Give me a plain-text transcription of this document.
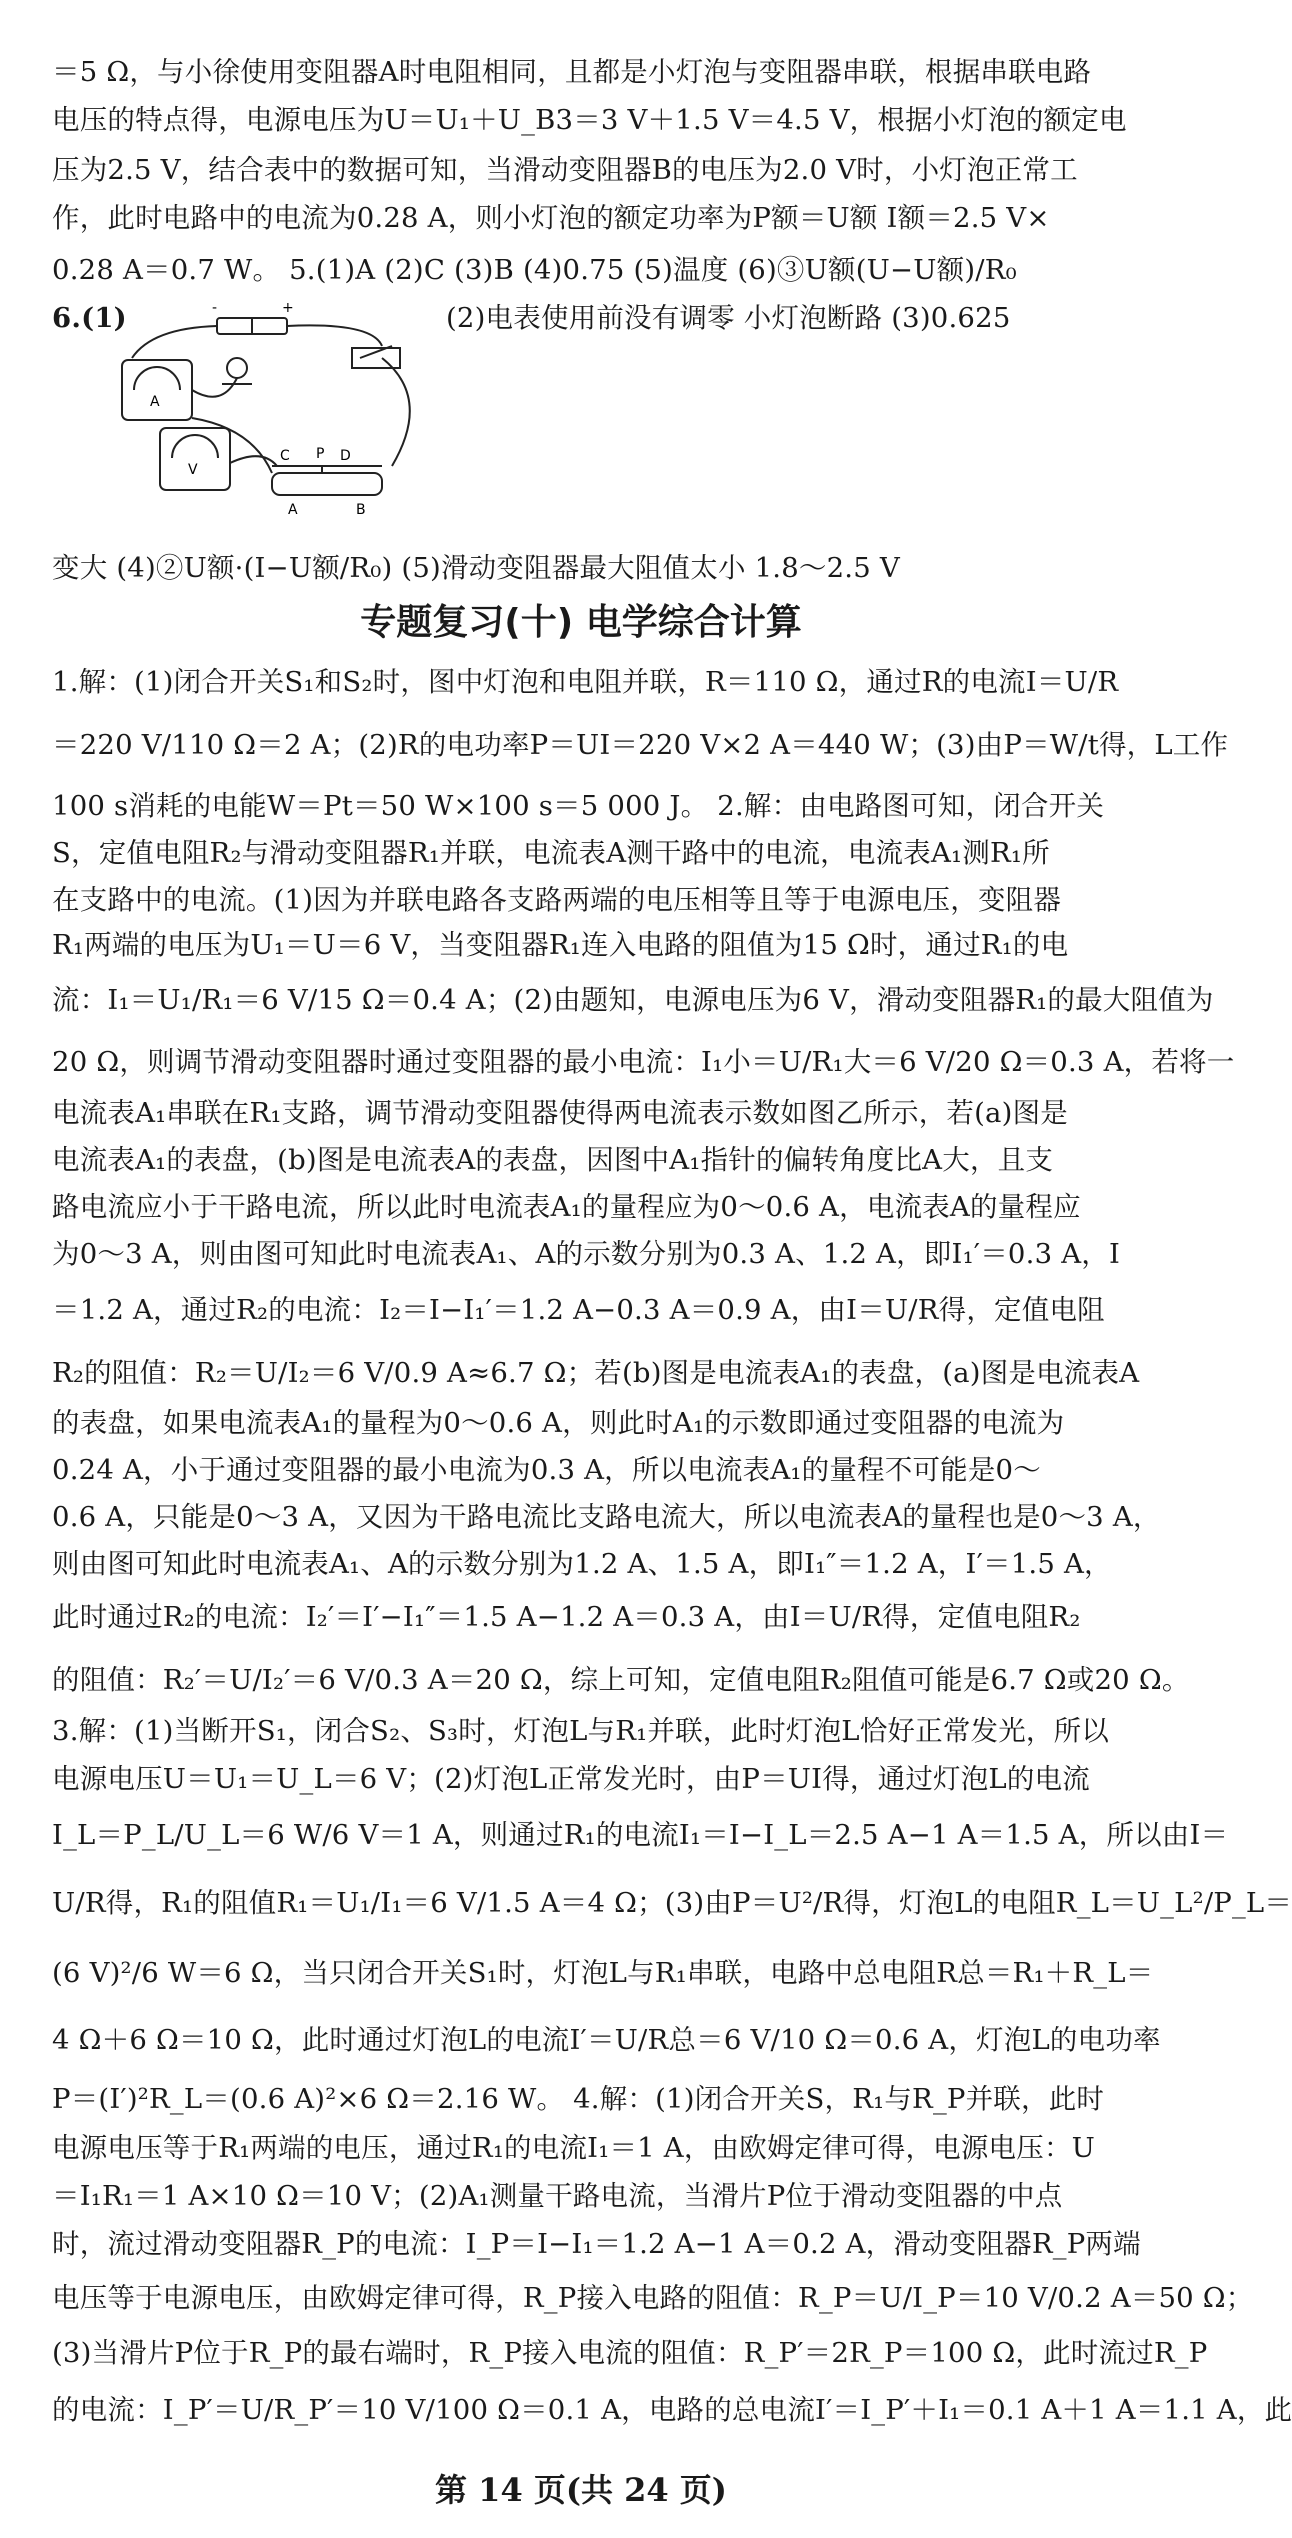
＝5 Ω，与小徐使用变阻器A时电阻相同，且都是小灯泡与变阻器串联，根据串联电路
电压的特点得，电源电压为U＝U₁＋U_B3＝3 V＋1.5 V＝4.5 V，根据小灯泡的额定电
压为2.5 V，结合表中的数据可知，当滑动变阻器B的电压为2.0 V时，小灯泡正常工
作，此时电路中的电流为0.28 A，则小灯泡的额定功率为P额＝U额 I额＝2.5 V×
0.28 A＝0.7 W。 5.(1)A (2)C (3)B (4)0.75 (5)温度 (6)③U额(U−U额)/R₀
6.(1)	-	+
A
V
C P D
A	B
(2)电表使用前没有调零 小灯泡断路 (3)0.625
变大 (4)②U额·(I−U额/R₀) (5)滑动变阻器最大阻值太小 1.8～2.5 V
专题复习(十) 电学综合计算
1.解：(1)闭合开关S₁和S₂时，图中灯泡和电阻并联，R＝110 Ω，通过R的电流I＝U/R
＝220 V/110 Ω＝2 A；(2)R的电功率P＝UI＝220 V×2 A＝440 W；(3)由P＝W/t得，L工作
100 s消耗的电能W＝Pt＝50 W×100 s＝5 000 J。 2.解：由电路图可知，闭合开关
S，定值电阻R₂与滑动变阻器R₁并联，电流表A测干路中的电流，电流表A₁测R₁所
在支路中的电流。(1)因为并联电路各支路两端的电压相等且等于电源电压，变阻器
R₁两端的电压为U₁＝U＝6 V，当变阻器R₁连入电路的阻值为15 Ω时，通过R₁的电
流：I₁＝U₁/R₁＝6 V/15 Ω＝0.4 A；(2)由题知，电源电压为6 V，滑动变阻器R₁的最大阻值为
20 Ω，则调节滑动变阻器时通过变阻器的最小电流：I₁小＝U/R₁大＝6 V/20 Ω＝0.3 A，若将一
电流表A₁串联在R₁支路，调节滑动变阻器使得两电流表示数如图乙所示，若(a)图是
电流表A₁的表盘，(b)图是电流表A的表盘，因图中A₁指针的偏转角度比A大，且支
路电流应小于干路电流，所以此时电流表A₁的量程应为0～0.6 A，电流表A的量程应
为0～3 A，则由图可知此时电流表A₁、A的示数分别为0.3 A、1.2 A，即I₁′＝0.3 A，I
＝1.2 A，通过R₂的电流：I₂＝I−I₁′＝1.2 A−0.3 A＝0.9 A，由I＝U/R得，定值电阻
R₂的阻值：R₂＝U/I₂＝6 V/0.9 A≈6.7 Ω；若(b)图是电流表A₁的表盘，(a)图是电流表A
的表盘，如果电流表A₁的量程为0～0.6 A，则此时A₁的示数即通过变阻器的电流为
0.24 A，小于通过变阻器的最小电流为0.3 A，所以电流表A₁的量程不可能是0～
0.6 A，只能是0～3 A，又因为干路电流比支路电流大，所以电流表A的量程也是0～3 A，
则由图可知此时电流表A₁、A的示数分别为1.2 A、1.5 A，即I₁″＝1.2 A，I′＝1.5 A，
此时通过R₂的电流：I₂′＝I′−I₁″＝1.5 A−1.2 A＝0.3 A，由I＝U/R得，定值电阻R₂
的阻值：R₂′＝U/I₂′＝6 V/0.3 A＝20 Ω，综上可知，定值电阻R₂阻值可能是6.7 Ω或20 Ω。
3.解：(1)当断开S₁，闭合S₂、S₃时，灯泡L与R₁并联，此时灯泡L恰好正常发光，所以
电源电压U＝U₁＝U_L＝6 V；(2)灯泡L正常发光时，由P＝UI得，通过灯泡L的电流
I_L＝P_L/U_L＝6 W/6 V＝1 A，则通过R₁的电流I₁＝I−I_L＝2.5 A−1 A＝1.5 A，所以由I＝
U/R得，R₁的阻值R₁＝U₁/I₁＝6 V/1.5 A＝4 Ω；(3)由P＝U²/R得，灯泡L的电阻R_L＝U_L²/P_L＝
(6 V)²/6 W＝6 Ω，当只闭合开关S₁时，灯泡L与R₁串联，电路中总电阻R总＝R₁＋R_L＝
4 Ω＋6 Ω＝10 Ω，此时通过灯泡L的电流I′＝U/R总＝6 V/10 Ω＝0.6 A，灯泡L的电功率
P＝(I′)²R_L＝(0.6 A)²×6 Ω＝2.16 W。 4.解：(1)闭合开关S，R₁与R_P并联，此时
电源电压等于R₁两端的电压，通过R₁的电流I₁＝1 A，由欧姆定律可得，电源电压：U
＝I₁R₁＝1 A×10 Ω＝10 V；(2)A₁测量干路电流，当滑片P位于滑动变阻器的中点
时，流过滑动变阻器R_P的电流：I_P＝I−I₁＝1.2 A−1 A＝0.2 A，滑动变阻器R_P两端
电压等于电源电压，由欧姆定律可得，R_P接入电路的阻值：R_P＝U/I_P＝10 V/0.2 A＝50 Ω；
(3)当滑片P位于R_P的最右端时，R_P接入电流的阻值：R_P′＝2R_P＝100 Ω，此时流过R_P
的电流：I_P′＝U/R_P′＝10 V/100 Ω＝0.1 A，电路的总电流I′＝I_P′＋I₁＝0.1 A＋1 A＝1.1 A，此
第 14 页(共 24 页)
